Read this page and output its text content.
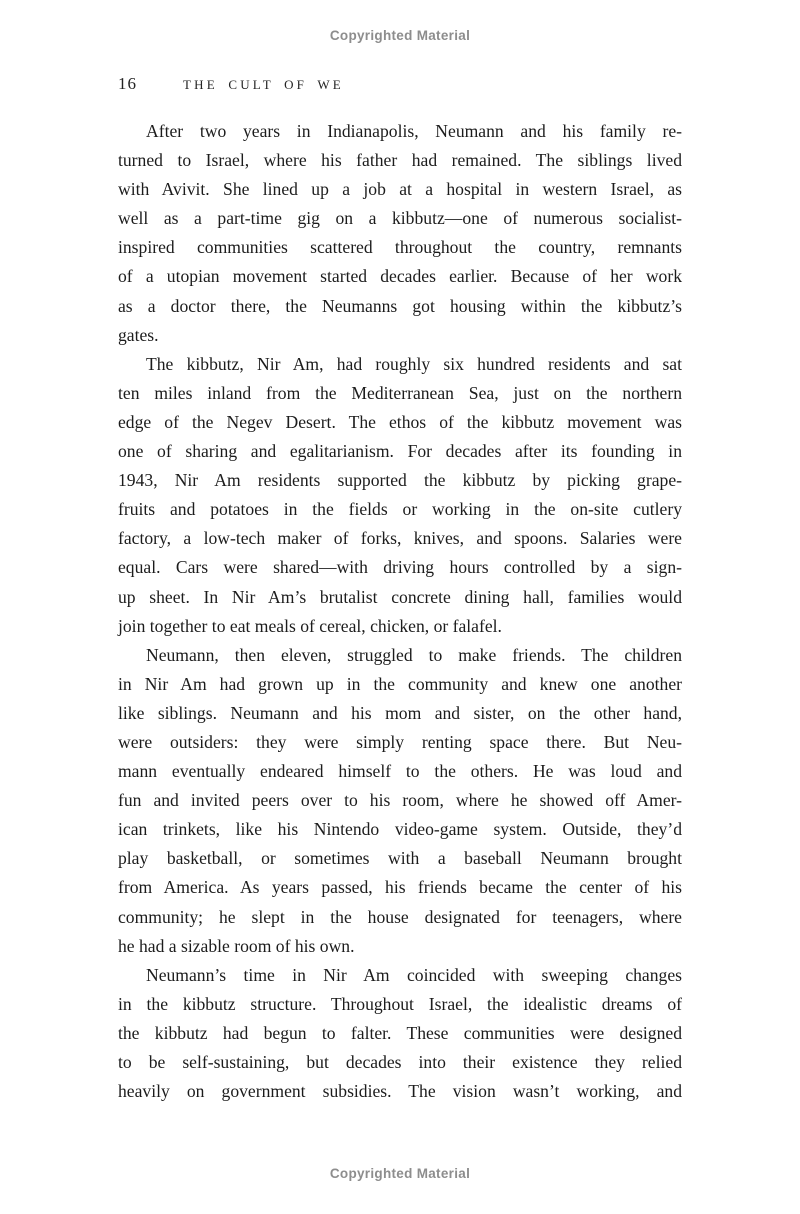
Copyrighted Material
16	THE CULT OF WE
After two years in Indianapolis, Neumann and his family re-
turned to Israel, where his father had remained. The siblings lived
with Avivit. She lined up a job at a hospital in western Israel, as
well as a part-time gig on a kibbutz—one of numerous socialist-
inspired communities scattered throughout the country, remnants
of a utopian movement started decades earlier. Because of her work
as a doctor there, the Neumanns got housing within the kibbutz’s
gates.
The kibbutz, Nir Am, had roughly six hundred residents and sat
ten miles inland from the Mediterranean Sea, just on the northern
edge of the Negev Desert. The ethos of the kibbutz movement was
one of sharing and egalitarianism. For decades after its founding in
1943, Nir Am residents supported the kibbutz by picking grape-
fruits and potatoes in the fields or working in the on-site cutlery
factory, a low-tech maker of forks, knives, and spoons. Salaries were
equal. Cars were shared—with driving hours controlled by a sign-
up sheet. In Nir Am’s brutalist concrete dining hall, families would
join together to eat meals of cereal, chicken, or falafel.
Neumann, then eleven, struggled to make friends. The children
in Nir Am had grown up in the community and knew one another
like siblings. Neumann and his mom and sister, on the other hand,
were outsiders: they were simply renting space there. But Neu-
mann eventually endeared himself to the others. He was loud and
fun and invited peers over to his room, where he showed off Amer-
ican trinkets, like his Nintendo video-game system. Outside, they’d
play basketball, or sometimes with a baseball Neumann brought
from America. As years passed, his friends became the center of his
community; he slept in the house designated for teenagers, where
he had a sizable room of his own.
Neumann’s time in Nir Am coincided with sweeping changes
in the kibbutz structure. Throughout Israel, the idealistic dreams of
the kibbutz had begun to falter. These communities were designed
to be self-sustaining, but decades into their existence they relied
heavily on government subsidies. The vision wasn’t working, and
Copyrighted Material
